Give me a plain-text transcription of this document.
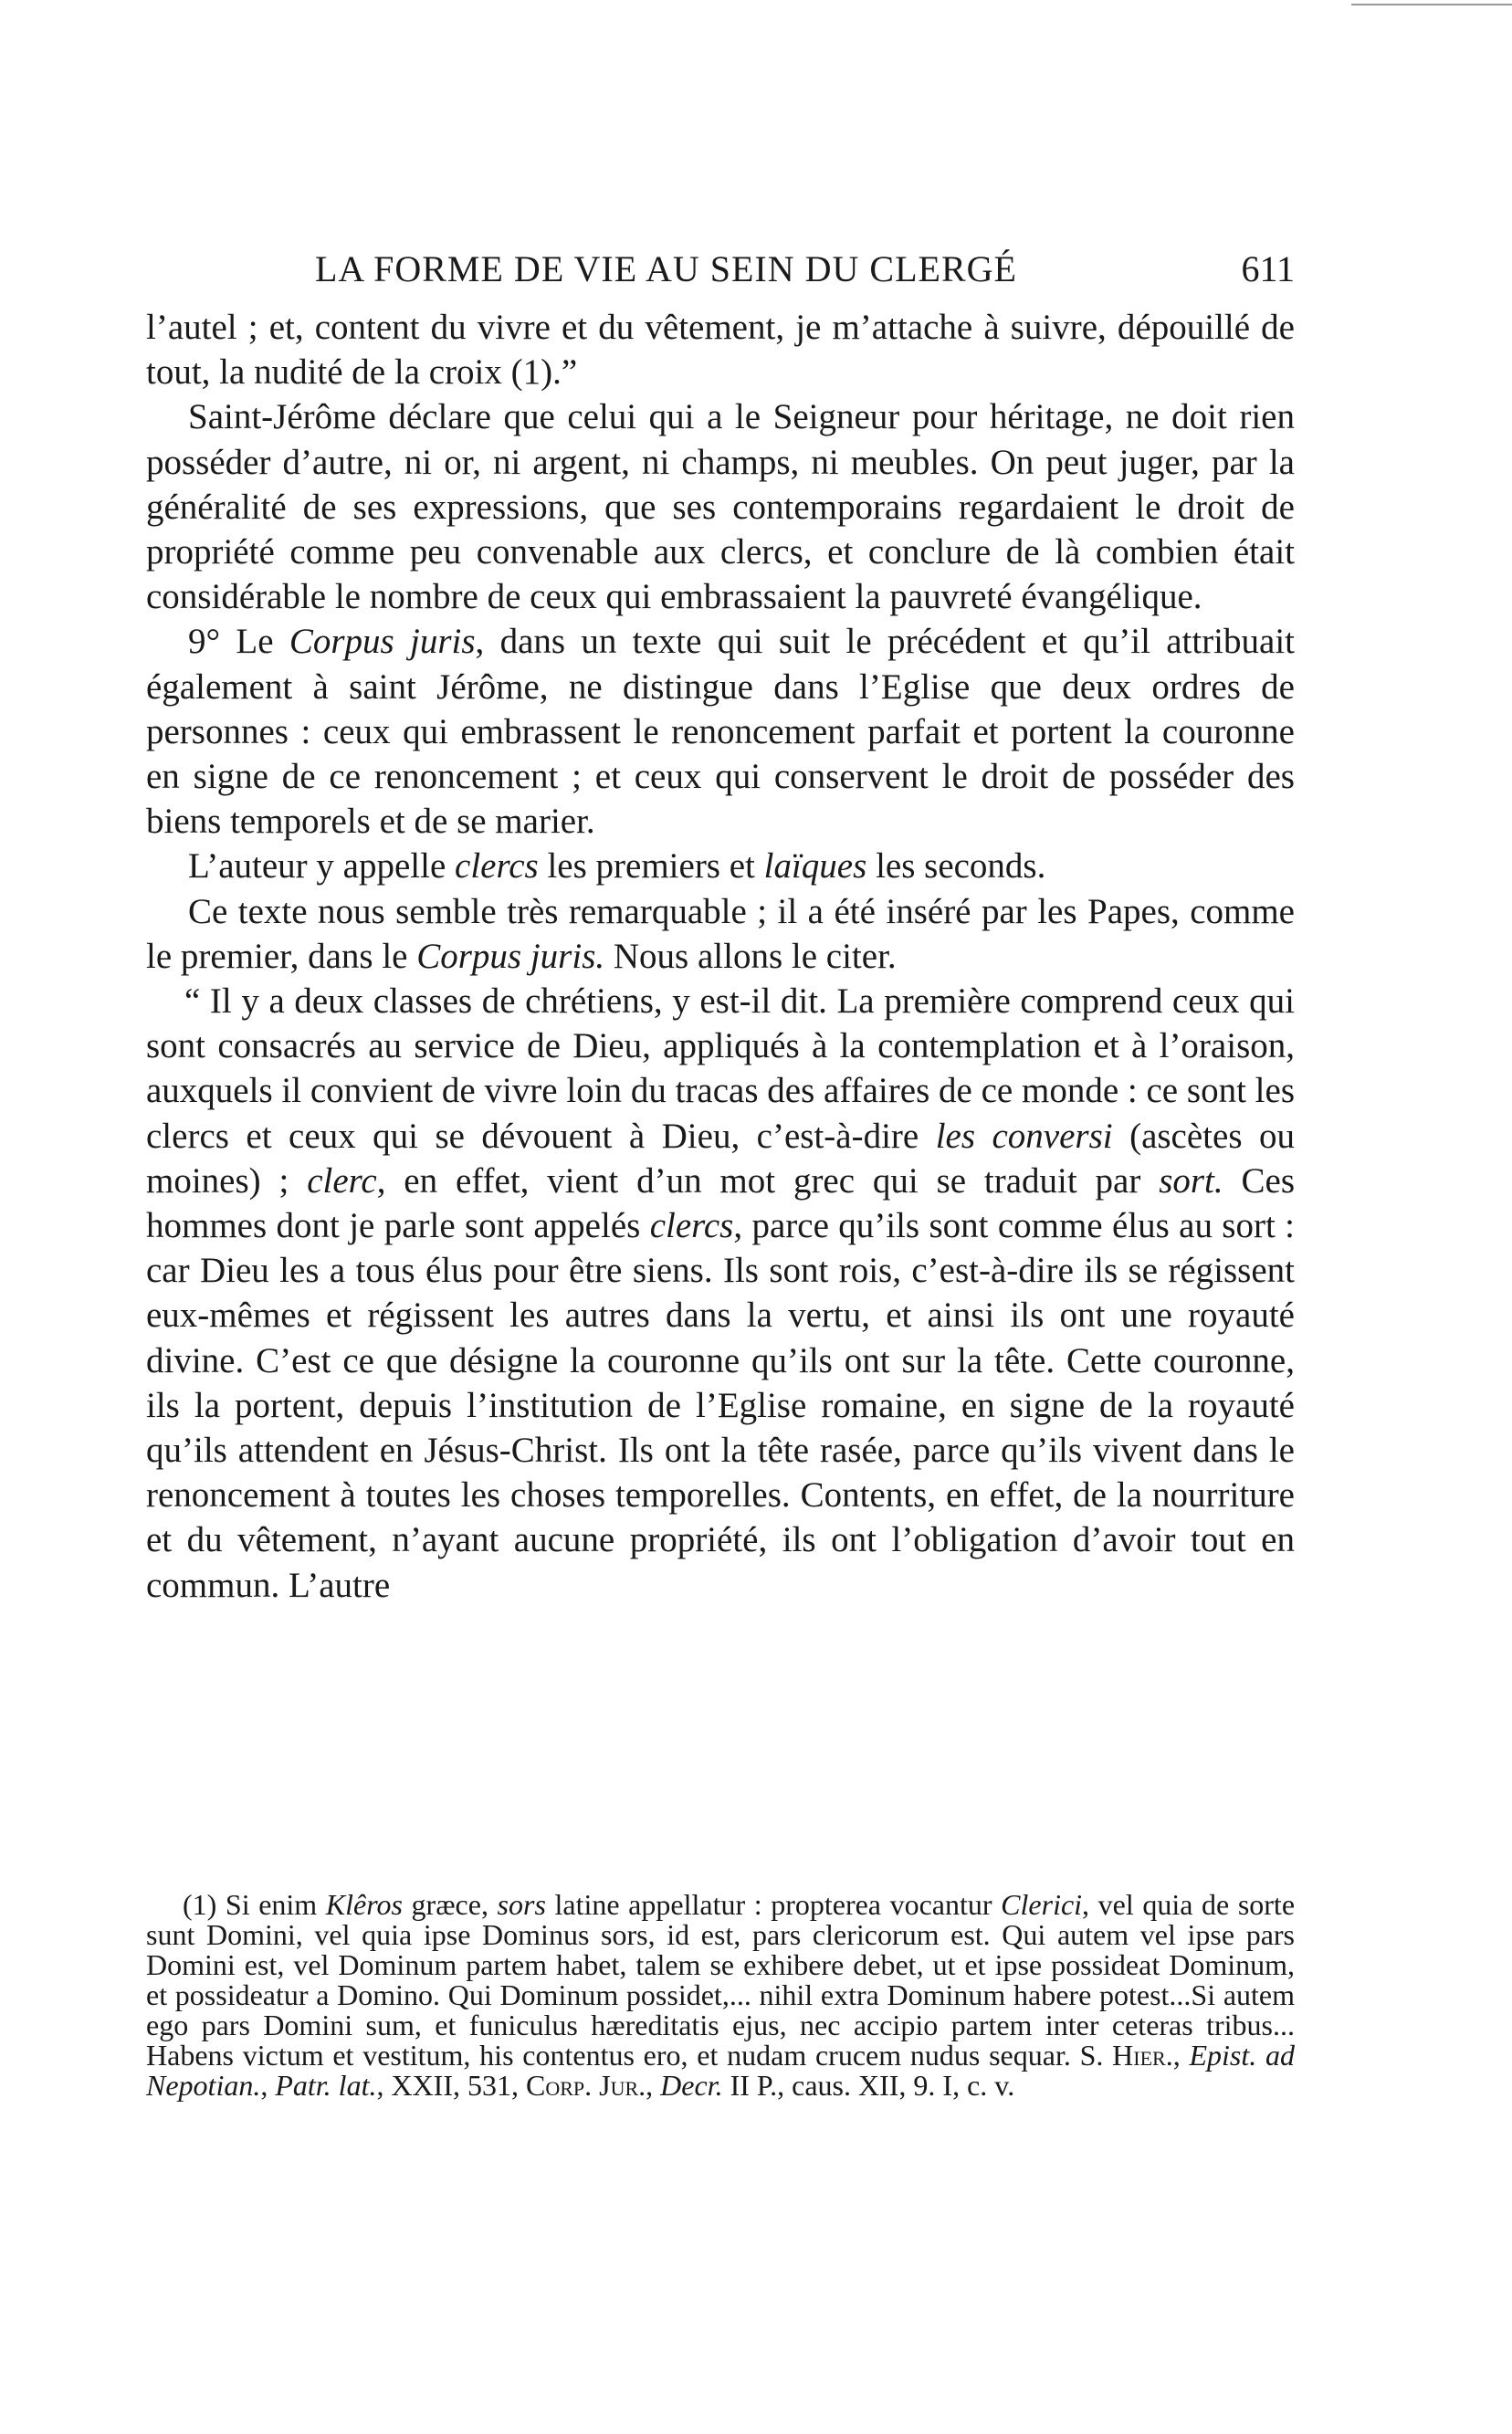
LA FORME DE VIE AU SEIN DU CLERGÉ	611

l’autel ; et, content du vivre et du vêtement, je m’attache à suivre, dépouillé de tout, la nudité de la croix (1).”

Saint-Jérôme déclare que celui qui a le Seigneur pour héritage, ne doit rien posséder d’autre, ni or, ni argent, ni champs, ni meubles. On peut juger, par la généralité de ses expressions, que ses contemporains regardaient le droit de propriété comme peu convenable aux clercs, et conclure de là combien était considérable le nombre de ceux qui embrassaient la pauvreté évangélique.

9° Le Corpus juris, dans un texte qui suit le précédent et qu’il attribuait également à saint Jérôme, ne distingue dans l’Eglise que deux ordres de personnes : ceux qui embrassent le renoncement parfait et portent la couronne en signe de ce renoncement ; et ceux qui conservent le droit de posséder des biens temporels et de se marier.

L’auteur y appelle clercs les premiers et laïques les seconds.

Ce texte nous semble très remarquable ; il a été inséré par les Papes, comme le premier, dans le Corpus juris. Nous allons le citer.

“ Il y a deux classes de chrétiens, y est-il dit. La première comprend ceux qui sont consacrés au service de Dieu, appliqués à la contemplation et à l’oraison, auxquels il convient de vivre loin du tracas des affaires de ce monde : ce sont les clercs et ceux qui se dévouent à Dieu, c’est-à-dire les conversi (ascètes ou moines) ; clerc, en effet, vient d’un mot grec qui se traduit par sort. Ces hommes dont je parle sont appelés clercs, parce qu’ils sont comme élus au sort : car Dieu les a tous élus pour être siens. Ils sont rois, c’est-à-dire ils se régissent eux-mêmes et régissent les autres dans la vertu, et ainsi ils ont une royauté divine. C’est ce que désigne la couronne qu’ils ont sur la tête. Cette couronne, ils la portent, depuis l’institution de l’Eglise romaine, en signe de la royauté qu’ils attendent en Jésus-Christ. Ils ont la tête rasée, parce qu’ils vivent dans le renoncement à toutes les choses temporelles. Contents, en effet, de la nourriture et du vêtement, n’ayant aucune propriété, ils ont l’obligation d’avoir tout en commun. L’autre

(1) Si enim Klêros græce, sors latine appellatur : propterea vocantur Clerici, vel quia de sorte sunt Domini, vel quia ipse Dominus sors, id est, pars clericorum est. Qui autem vel ipse pars Domini est, vel Dominum partem habet, talem se exhibere debet, ut et ipse possideat Dominum, et possideatur a Domino. Qui Dominum possidet,... nihil extra Dominum habere potest...Si autem ego pars Domini sum, et funiculus hæreditatis ejus, nec accipio partem inter ceteras tribus... Habens victum et vestitum, his contentus ero, et nudam crucem nudus sequar. S. Hier., Epist. ad Nepotian., Patr. lat., XXII, 531, Corp. Jur., Decr. II P., caus. XII, 9. I, c. v.
